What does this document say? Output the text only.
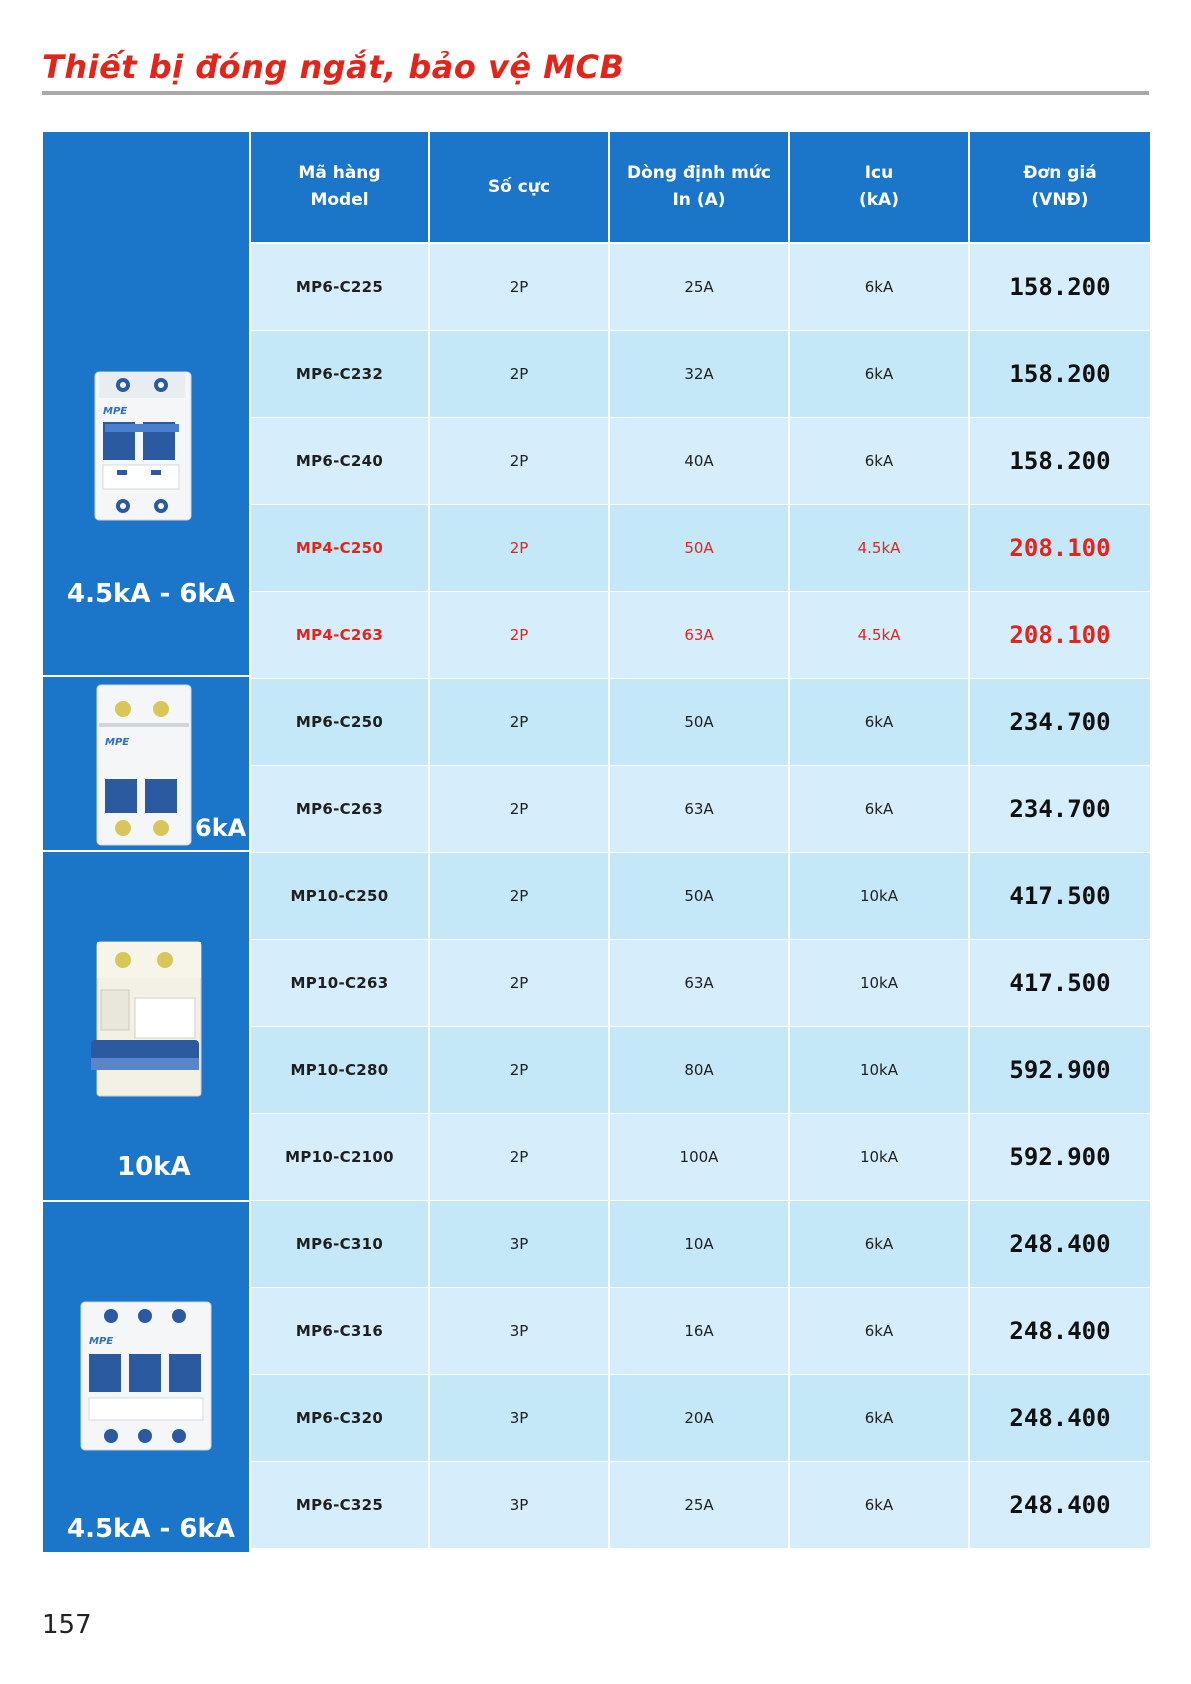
Thiết bị đóng ngắt, bảo vệ MCB
MPE
4.5kA - 6kA
MPE
6kA
10kA
MPE
4.5kA - 6kA
Mã hàng
Model
Số cực
Dòng định mức
In (A)
Icu
(kA)
Đơn giá
(VNĐ)
MP6-C225	2P	25A	6kA	158.200
MP6-C232	2P	32A	6kA	158.200
MP6-C240	2P	40A	6kA	158.200
MP4-C250	2P	50A	4.5kA	208.100
MP4-C263	2P	63A	4.5kA	208.100
MP6-C250	2P	50A	6kA	234.700
MP6-C263	2P	63A	6kA	234.700
MP10-C250	2P	50A	10kA	417.500
MP10-C263	2P	63A	10kA	417.500
MP10-C280	2P	80A	10kA	592.900
MP10-C2100	2P	100A	10kA	592.900
MP6-C310	3P	10A	6kA	248.400
MP6-C316	3P	16A	6kA	248.400
MP6-C320	3P	20A	6kA	248.400
MP6-C325	3P	25A	6kA	248.400
157
